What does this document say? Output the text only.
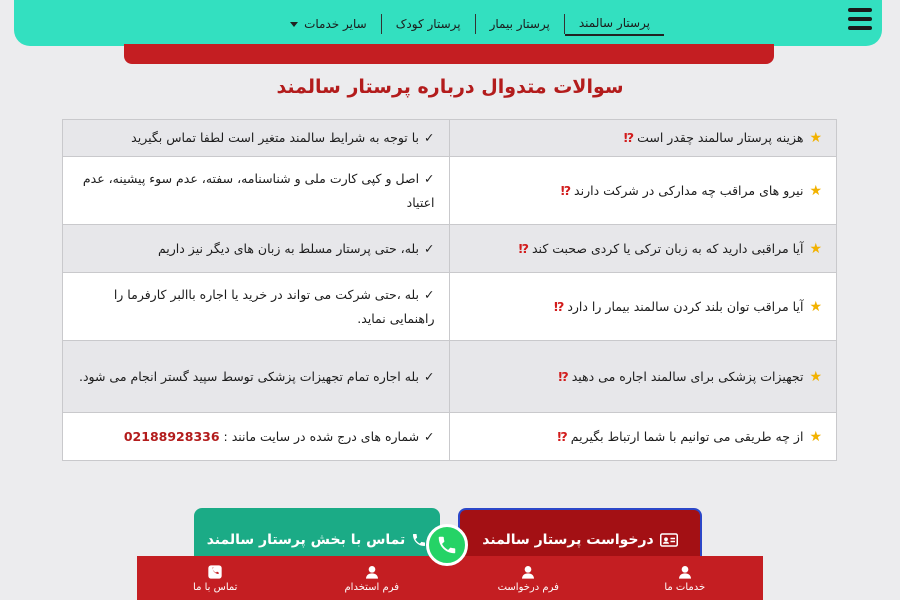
پرستار سالمند
پرستار بیمار
پرستار کودک
سایر خدمات
سوالات متدوال درباره پرستار سالمند
★هزینه پرستار سالمند چقدر است⁉	✓با توجه به شرایط سالمند متغیر است لطفا تماس بگیرید
★نیرو های مراقب چه مدارکی در شرکت دارند⁉	✓اصل و کپی کارت ملی و شناسنامه، سفته، عدم سوء پیشینه، عدم اعتیاد
★آیا مراقبی دارید که به زبان ترکی یا کردی صحبت کند⁉	✓بله، حتی پرستار مسلط به زبان های دیگر نیز داریم
★آیا مراقب توان بلند کردن سالمند بیمار را دارد⁉	✓بله ،حتی شرکت می تواند در خرید یا اجاره باالبر کارفرما را راهنمایی نماید.
★تجهیزات پزشکی برای سالمند اجاره می دهید⁉	✓بله اجاره تمام تجهیزات پزشکی توسط سپید گستر انجام می شود.
★از چه طریقی می توانیم با شما ارتباط بگیریم⁉	✓شماره های درج شده در سایت مانند : 02188928336
تماس با بخش پرستار سالمند	درخواست پرستار سالمند
تماس با ما	فرم استخدام	فرم درخواست	خدمات ما
